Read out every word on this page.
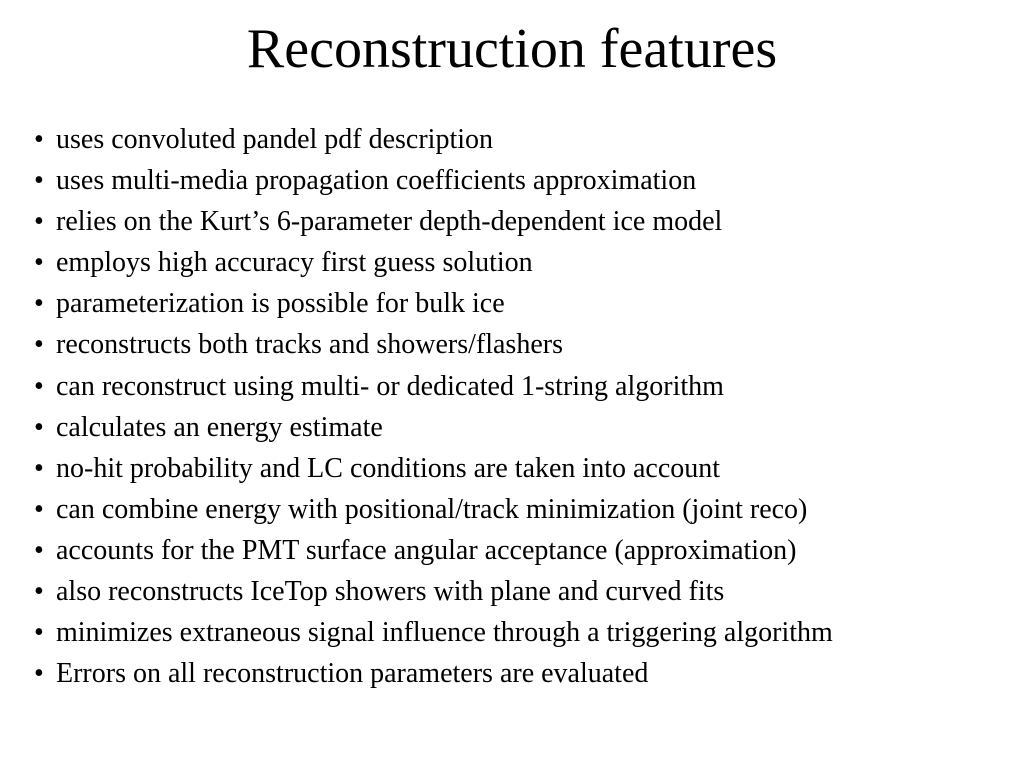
Reconstruction features
• uses convoluted pandel pdf description
• uses multi-media propagation coefficients approximation
• relies on the Kurt’s 6-parameter depth-dependent ice model
• employs high accuracy first guess solution
• parameterization is possible for bulk ice
• reconstructs both tracks and showers/flashers
• can reconstruct using multi- or dedicated 1-string algorithm
• calculates an energy estimate
• no-hit probability and LC conditions are taken into account
• can combine energy with positional/track minimization (joint reco)
• accounts for the PMT surface angular acceptance (approximation)
• also reconstructs IceTop showers with plane and curved fits
• minimizes extraneous signal influence through a triggering algorithm
• Errors on all reconstruction parameters are evaluated
